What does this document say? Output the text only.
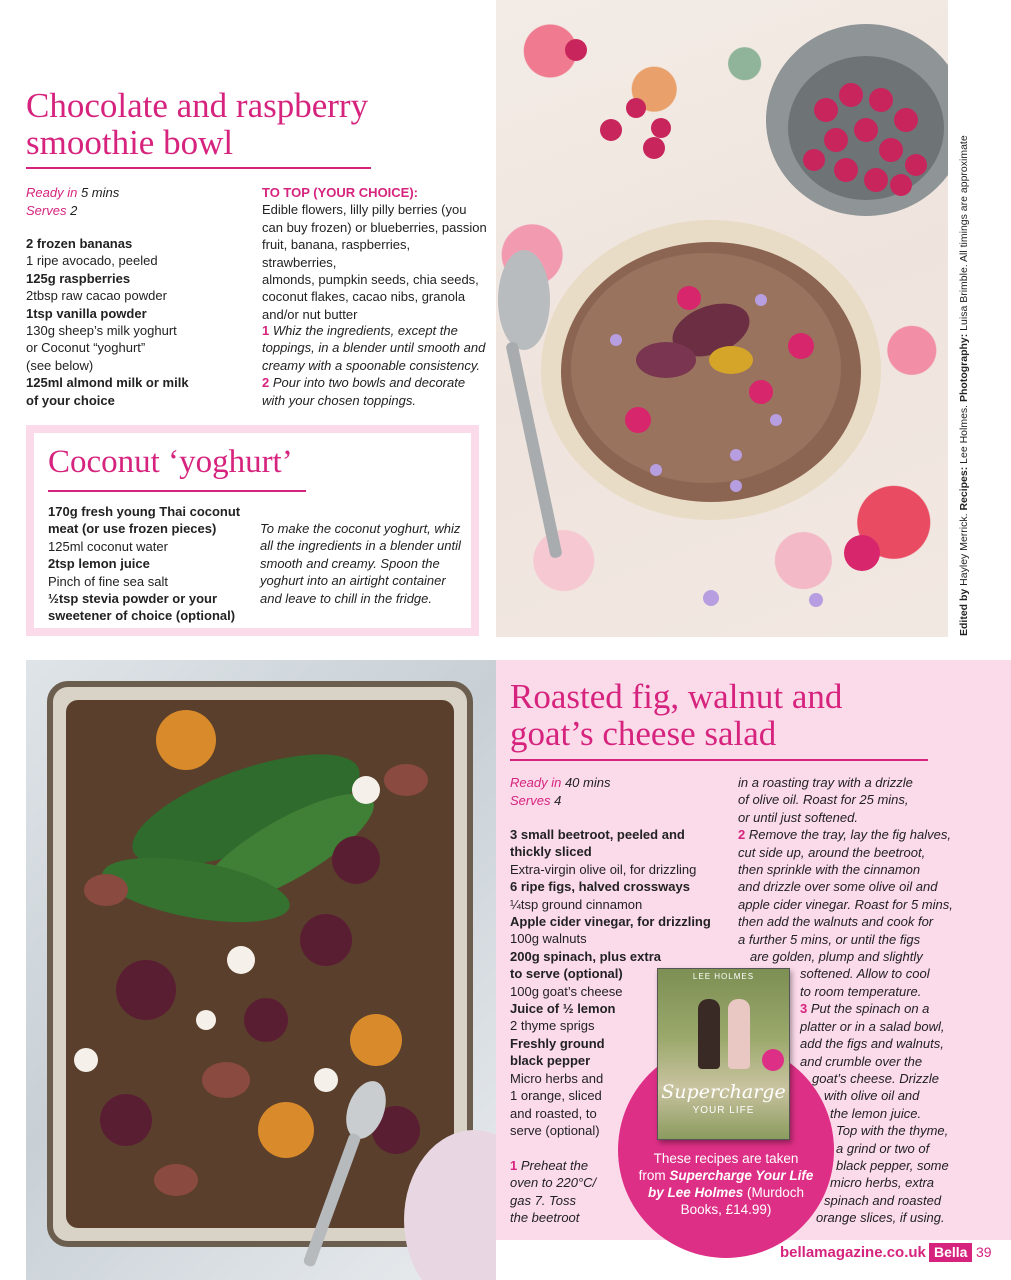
Chocolate and raspberry
smoothie bowl
Ready in 5 mins
Serves 2
2 frozen bananas
1 ripe avocado, peeled
125g raspberries
2tbsp raw cacao powder
1tsp vanilla powder
130g sheep’s milk yoghurt
or Coconut “yoghurt”
(see below)
125ml almond milk or milk
of your choice
TO TOP (YOUR CHOICE):
Edible flowers, lilly pilly berries (you
can buy frozen) or blueberries, passion
fruit, banana, raspberries, strawberries,
almonds, pumpkin seeds, chia seeds,
coconut flakes, cacao nibs, granola
and/or nut butter
1 Whiz the ingredients, except the
toppings, in a blender until smooth and
creamy with a spoonable consistency.
2 Pour into two bowls and decorate
with your chosen toppings.
Coconut ‘yoghurt’
170g fresh young Thai coconut
meat (or use frozen pieces)
125ml coconut water
2tsp lemon juice
Pinch of fine sea salt
½tsp stevia powder or your
sweetener of choice (optional)
To make the coconut yoghurt, whiz
all the ingredients in a blender until
smooth and creamy. Spoon the
yoghurt into an airtight container
and leave to chill in the fridge.	Edited by Hayley Merrick. Recipes: Lee Holmes. Photography: Luisa Brimble. All timings are approximate
Roasted fig, walnut and
goat’s cheese salad
Ready in 40 mins
Serves 4
3 small beetroot, peeled and
thickly sliced
Extra-virgin olive oil, for drizzling
6 ripe figs, halved crossways
¼tsp ground cinnamon
Apple cider vinegar, for drizzling
100g walnuts
200g spinach, plus extra
to serve (optional)
100g goat’s cheese
Juice of ½ lemon
2 thyme sprigs
Freshly ground
black pepper
Micro herbs and
1 orange, sliced
and roasted, to
serve (optional)
1 Preheat the
oven to 220°C/
gas 7. Toss
the beetroot
in a roasting tray with a drizzle
of olive oil. Roast for 25 mins,
or until just softened.
2 Remove the tray, lay the fig halves,
cut side up, around the beetroot,
then sprinkle with the cinnamon
and drizzle over some olive oil and
apple cider vinegar. Roast for 5 mins,
then add the walnuts and cook for
a further 5 mins, or until the figs
are golden, plump and slightly
softened. Allow to cool
to room temperature.
3 Put the spinach on a
platter or in a salad bowl,
add the figs and walnuts,
and crumble over the
goat’s cheese. Drizzle
with olive oil and
the lemon juice.
Top with the thyme,
a grind or two of
black pepper, some
micro herbs, extra
spinach and roasted
orange slices, if using.
These recipes are taken
from Supercharge Your Life
by Lee Holmes (Murdoch
Books, £14.99)
LEE HOLMES
Supercharge
YOUR LIFE
bellamagazine.co.uk Bella 39
